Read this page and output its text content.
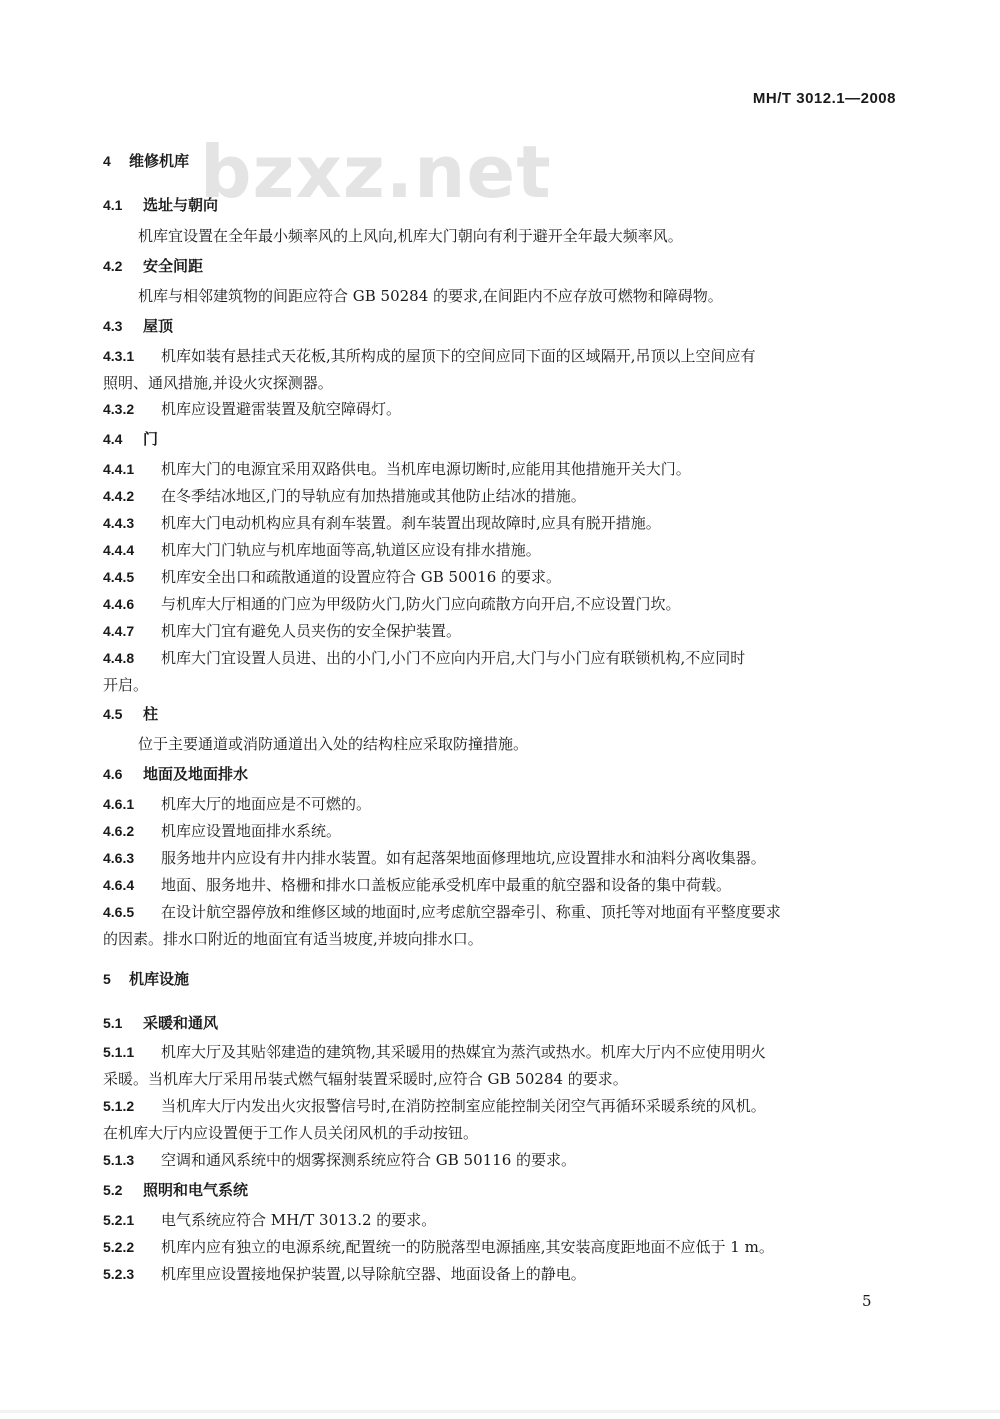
MH/T 3012.1—2008
bzxz.net
4 维修机库
4.1 选址与朝向
机库宜设置在全年最小频率风的上风向,机库大门朝向有利于避开全年最大频率风。
4.2 安全间距
机库与相邻建筑物的间距应符合 GB 50284 的要求,在间距内不应存放可燃物和障碍物。
4.3 屋顶
4.3.1 机库如装有悬挂式天花板,其所构成的屋顶下的空间应同下面的区域隔开,吊顶以上空间应有
照明、通风措施,并设火灾探测器。
4.3.2 机库应设置避雷装置及航空障碍灯。
4.4 门
4.4.1 机库大门的电源宜采用双路供电。当机库电源切断时,应能用其他措施开关大门。
4.4.2 在冬季结冰地区,门的导轨应有加热措施或其他防止结冰的措施。
4.4.3 机库大门电动机构应具有刹车装置。刹车装置出现故障时,应具有脱开措施。
4.4.4 机库大门门轨应与机库地面等高,轨道区应设有排水措施。
4.4.5 机库安全出口和疏散通道的设置应符合 GB 50016 的要求。
4.4.6 与机库大厅相通的门应为甲级防火门,防火门应向疏散方向开启,不应设置门坎。
4.4.7 机库大门宜有避免人员夹伤的安全保护装置。
4.4.8 机库大门宜设置人员进、出的小门,小门不应向内开启,大门与小门应有联锁机构,不应同时
开启。
4.5 柱
位于主要通道或消防通道出入处的结构柱应采取防撞措施。
4.6 地面及地面排水
4.6.1 机库大厅的地面应是不可燃的。
4.6.2 机库应设置地面排水系统。
4.6.3 服务地井内应设有井内排水装置。如有起落架地面修理地坑,应设置排水和油料分离收集器。
4.6.4 地面、服务地井、格栅和排水口盖板应能承受机库中最重的航空器和设备的集中荷载。
4.6.5 在设计航空器停放和维修区域的地面时,应考虑航空器牵引、称重、顶托等对地面有平整度要求
的因素。排水口附近的地面宜有适当坡度,并坡向排水口。
5 机库设施
5.1 采暖和通风
5.1.1 机库大厅及其贴邻建造的建筑物,其采暖用的热媒宜为蒸汽或热水。机库大厅内不应使用明火
采暖。当机库大厅采用吊装式燃气辐射装置采暖时,应符合 GB 50284 的要求。
5.1.2 当机库大厅内发出火灾报警信号时,在消防控制室应能控制关闭空气再循环采暖系统的风机。
在机库大厅内应设置便于工作人员关闭风机的手动按钮。
5.1.3 空调和通风系统中的烟雾探测系统应符合 GB 50116 的要求。
5.2 照明和电气系统
5.2.1 电气系统应符合 MH/T 3013.2 的要求。
5.2.2 机库内应有独立的电源系统,配置统一的防脱落型电源插座,其安装高度距地面不应低于 1 m。
5.2.3 机库里应设置接地保护装置,以导除航空器、地面设备上的静电。
5
